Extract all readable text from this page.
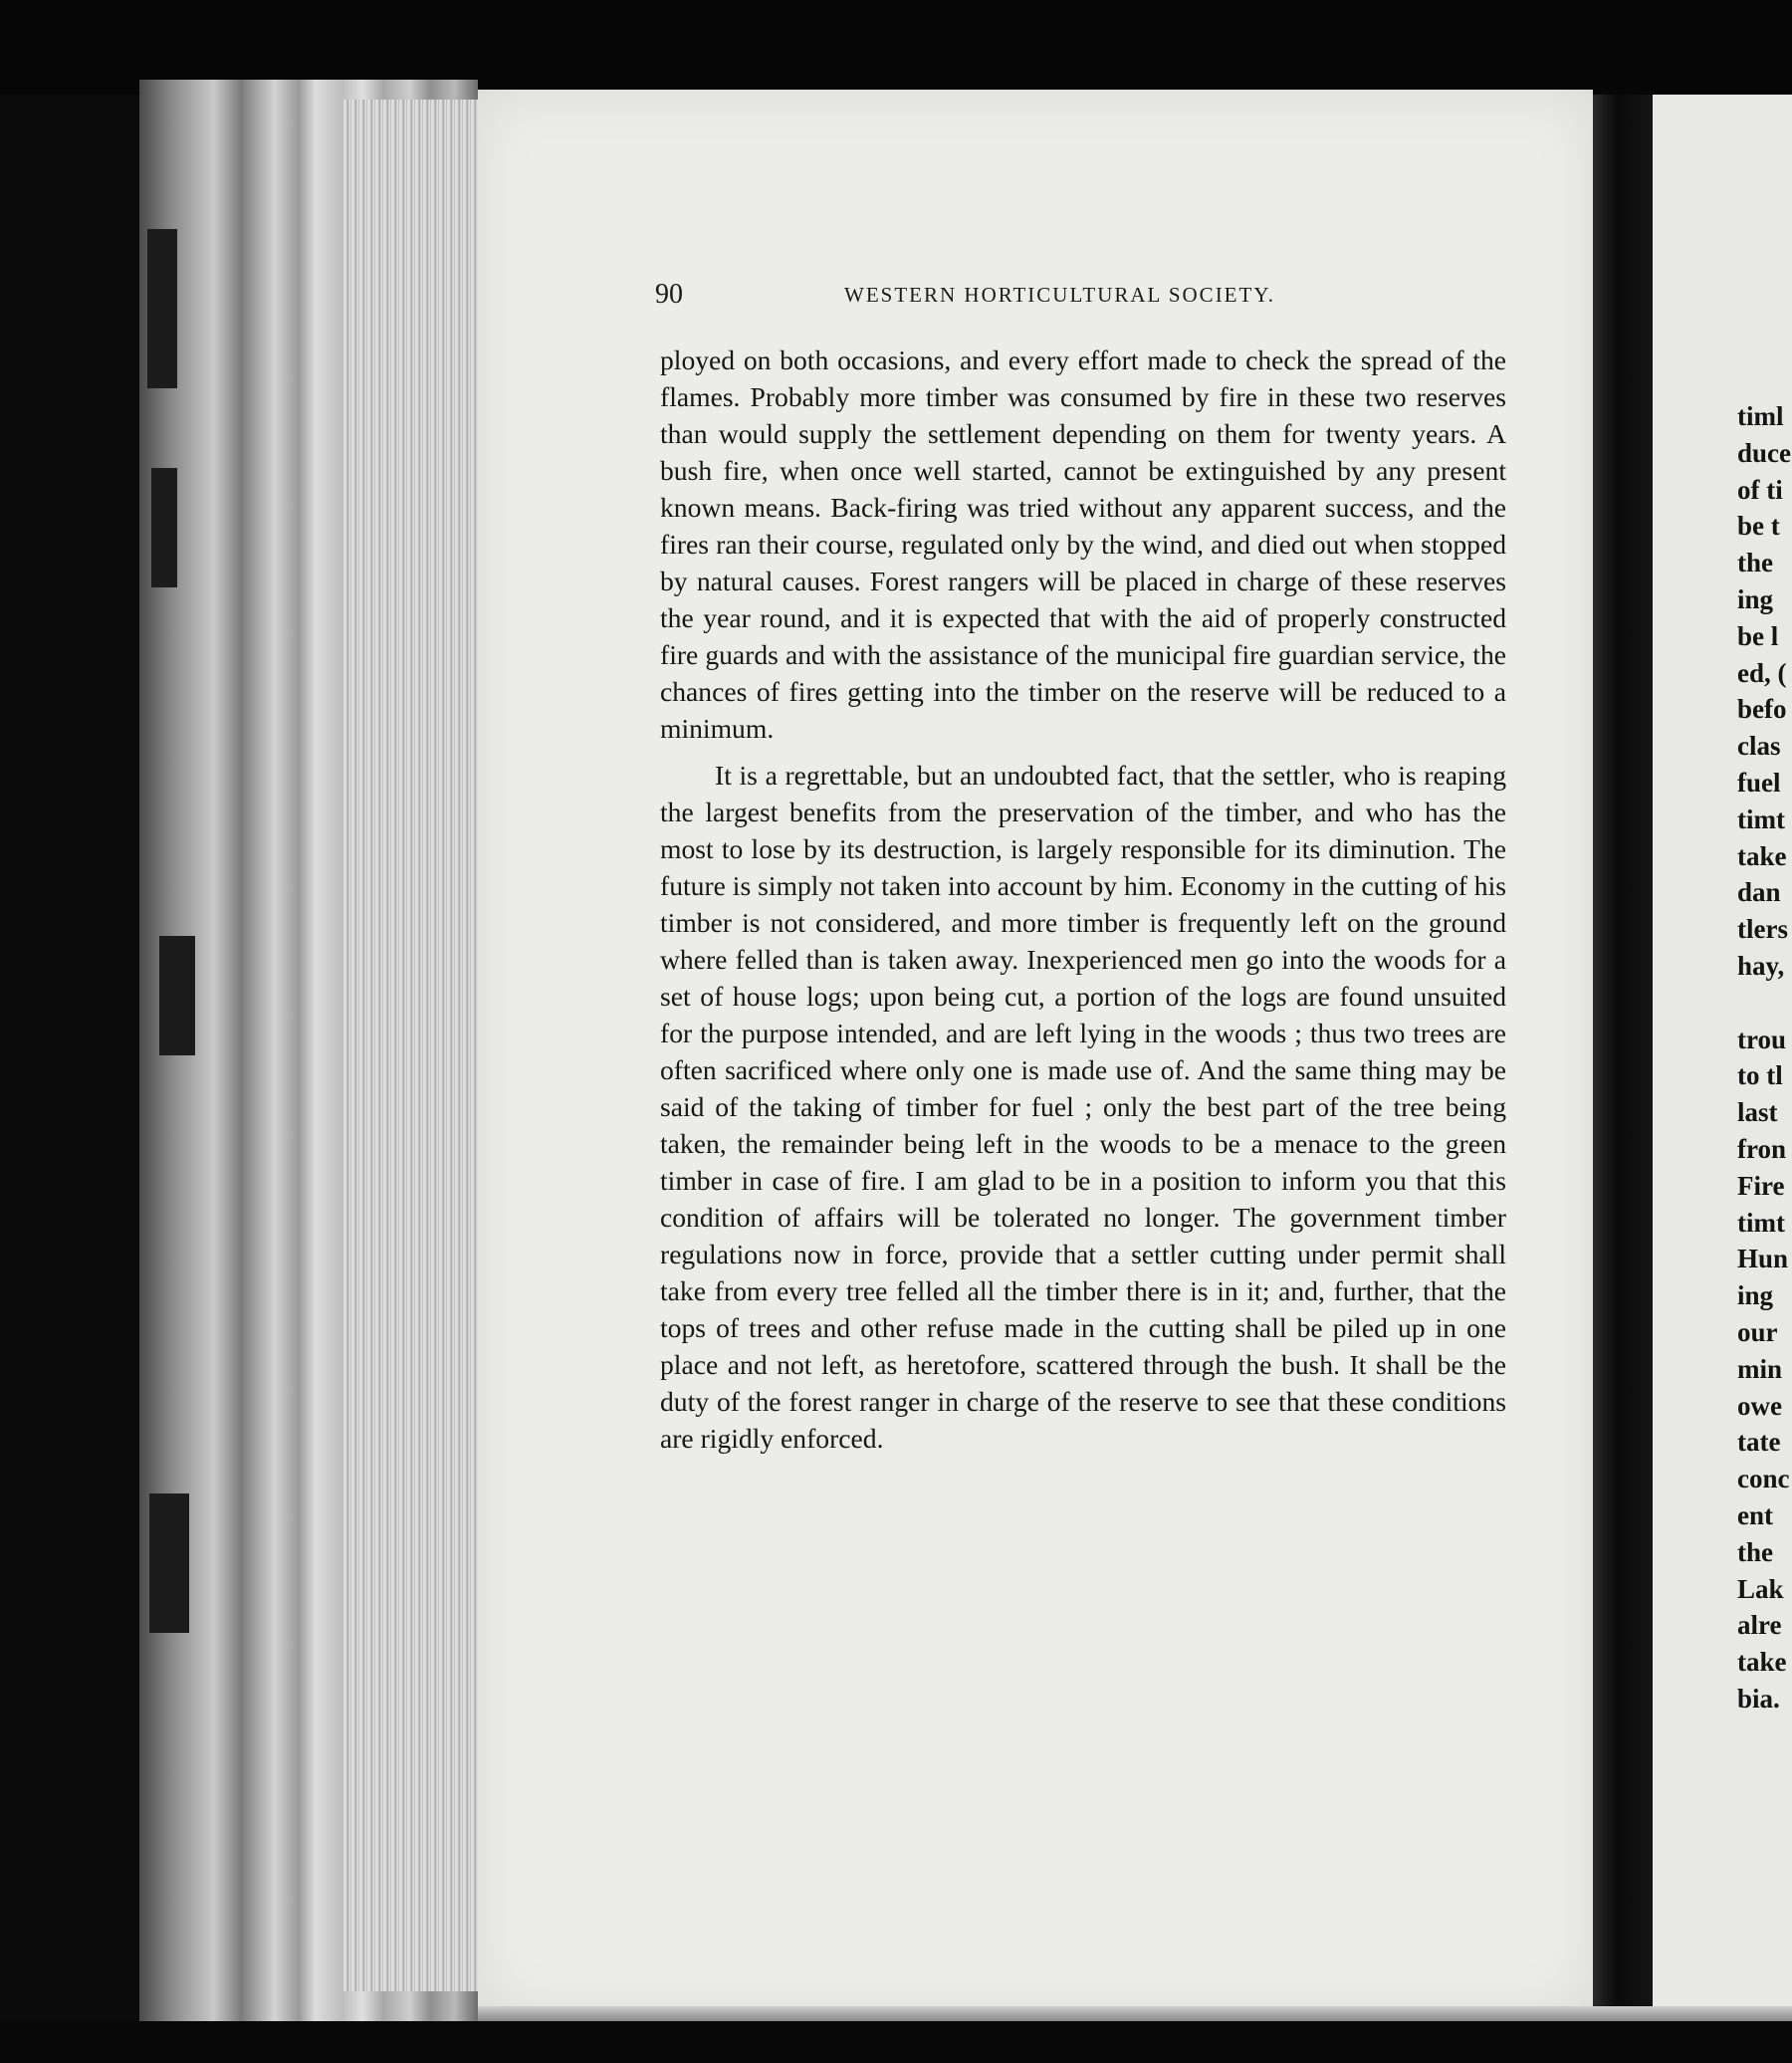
90	WESTERN HORTICULTURAL SOCIETY.

ployed on both occasions, and every effort made to check the spread of the flames. Probably more timber was consumed by fire in these two reserves than would supply the settlement depending on them for twenty years. A bush fire, when once well started, cannot be extinguished by any present known means. Back-firing was tried without any apparent success, and the fires ran their course, regulated only by the wind, and died out when stopped by natural causes. Forest rangers will be placed in charge of these reserves the year round, and it is expected that with the aid of properly constructed fire guards and with the assistance of the municipal fire guardian service, the chances of fires getting into the timber on the reserve will be reduced to a minimum.

It is a regrettable, but an undoubted fact, that the settler, who is reaping the largest benefits from the preservation of the timber, and who has the most to lose by its destruction, is largely responsible for its diminution. The future is simply not taken into account by him. Economy in the cutting of his timber is not considered, and more timber is frequently left on the ground where felled than is taken away. Inexperienced men go into the woods for a set of house logs; upon being cut, a portion of the logs are found unsuited for the purpose intended, and are left lying in the woods ; thus two trees are often sacrificed where only one is made use of. And the same thing may be said of the taking of timber for fuel ; only the best part of the tree being taken, the remainder being left in the woods to be a menace to the green timber in case of fire. I am glad to be in a position to inform you that this condition of affairs will be tolerated no longer. The government timber regulations now in force, provide that a settler cutting under permit shall take from every tree felled all the timber there is in it; and, further, that the tops of trees and other refuse made in the cutting shall be piled up in one place and not left, as heretofore, scattered through the bush. It shall be the duty of the forest ranger in charge of the reserve to see that these conditions are rigidly enforced.

timl
duce
of ti
be t
the
ing
be l
ed, (
befo
clas
fuel
timt
take
dan
tlers
hay,
trou
to tl
last
fron
Fire
timt
Hun
ing
our
min
owe
tate
conc
ent
the
Lak
alre
take
bia.
